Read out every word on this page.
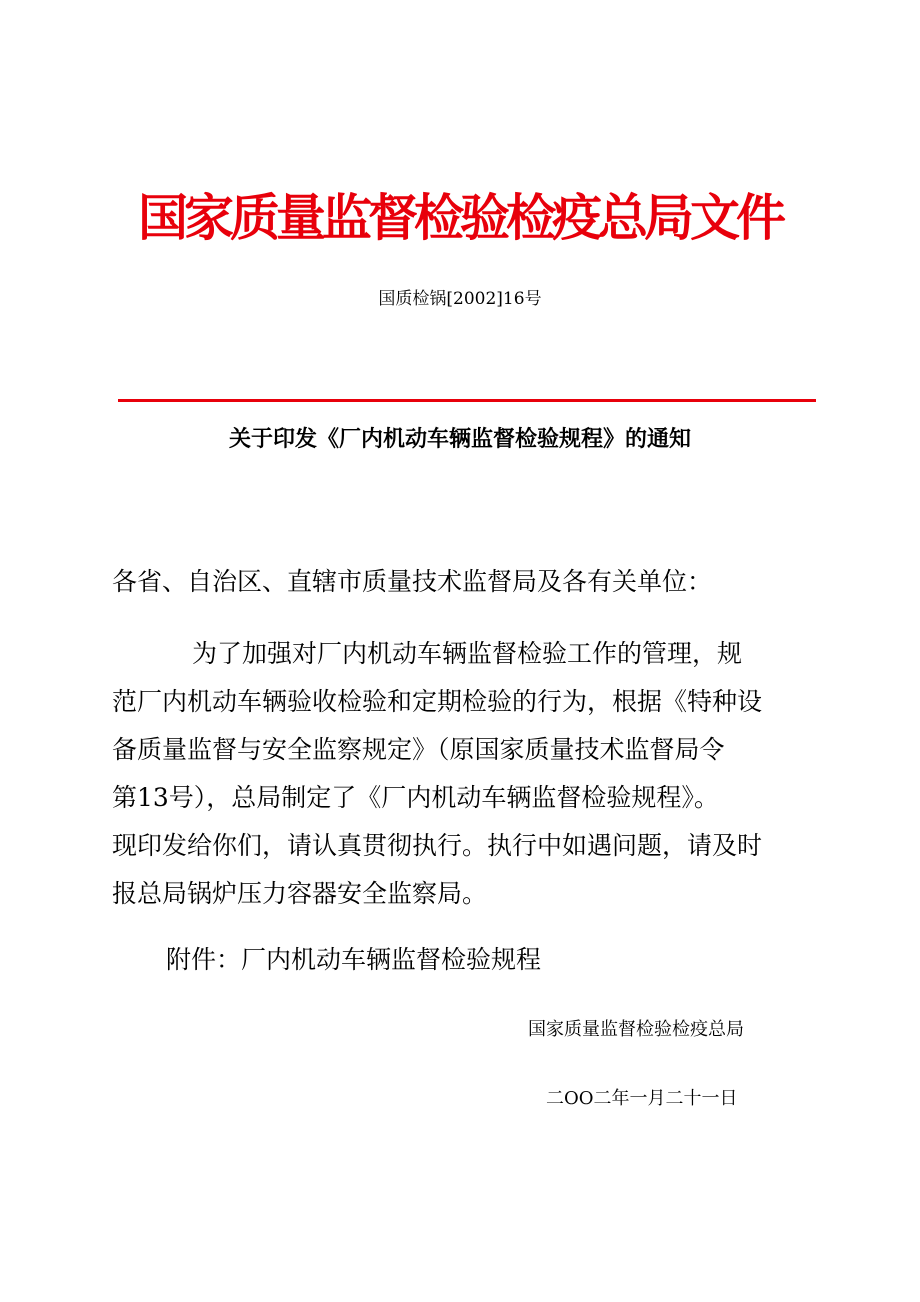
国家质量监督检验检疫总局文件
国质检锅[2002]16号
关于印发《厂内机动车辆监督检验规程》的通知
各省、自治区、直辖市质量技术监督局及各有关单位：
为了加强对厂内机动车辆监督检验工作的管理，规
范厂内机动车辆验收检验和定期检验的行为，根据《特种设
备质量监督与安全监察规定》（原国家质量技术监督局令
第13号），总局制定了《厂内机动车辆监督检验规程》。
现印发给你们，请认真贯彻执行。执行中如遇问题，请及时
报总局锅炉压力容器安全监察局。
附件：厂内机动车辆监督检验规程
国家质量监督检验检疫总局
二OO二年一月二十一日
